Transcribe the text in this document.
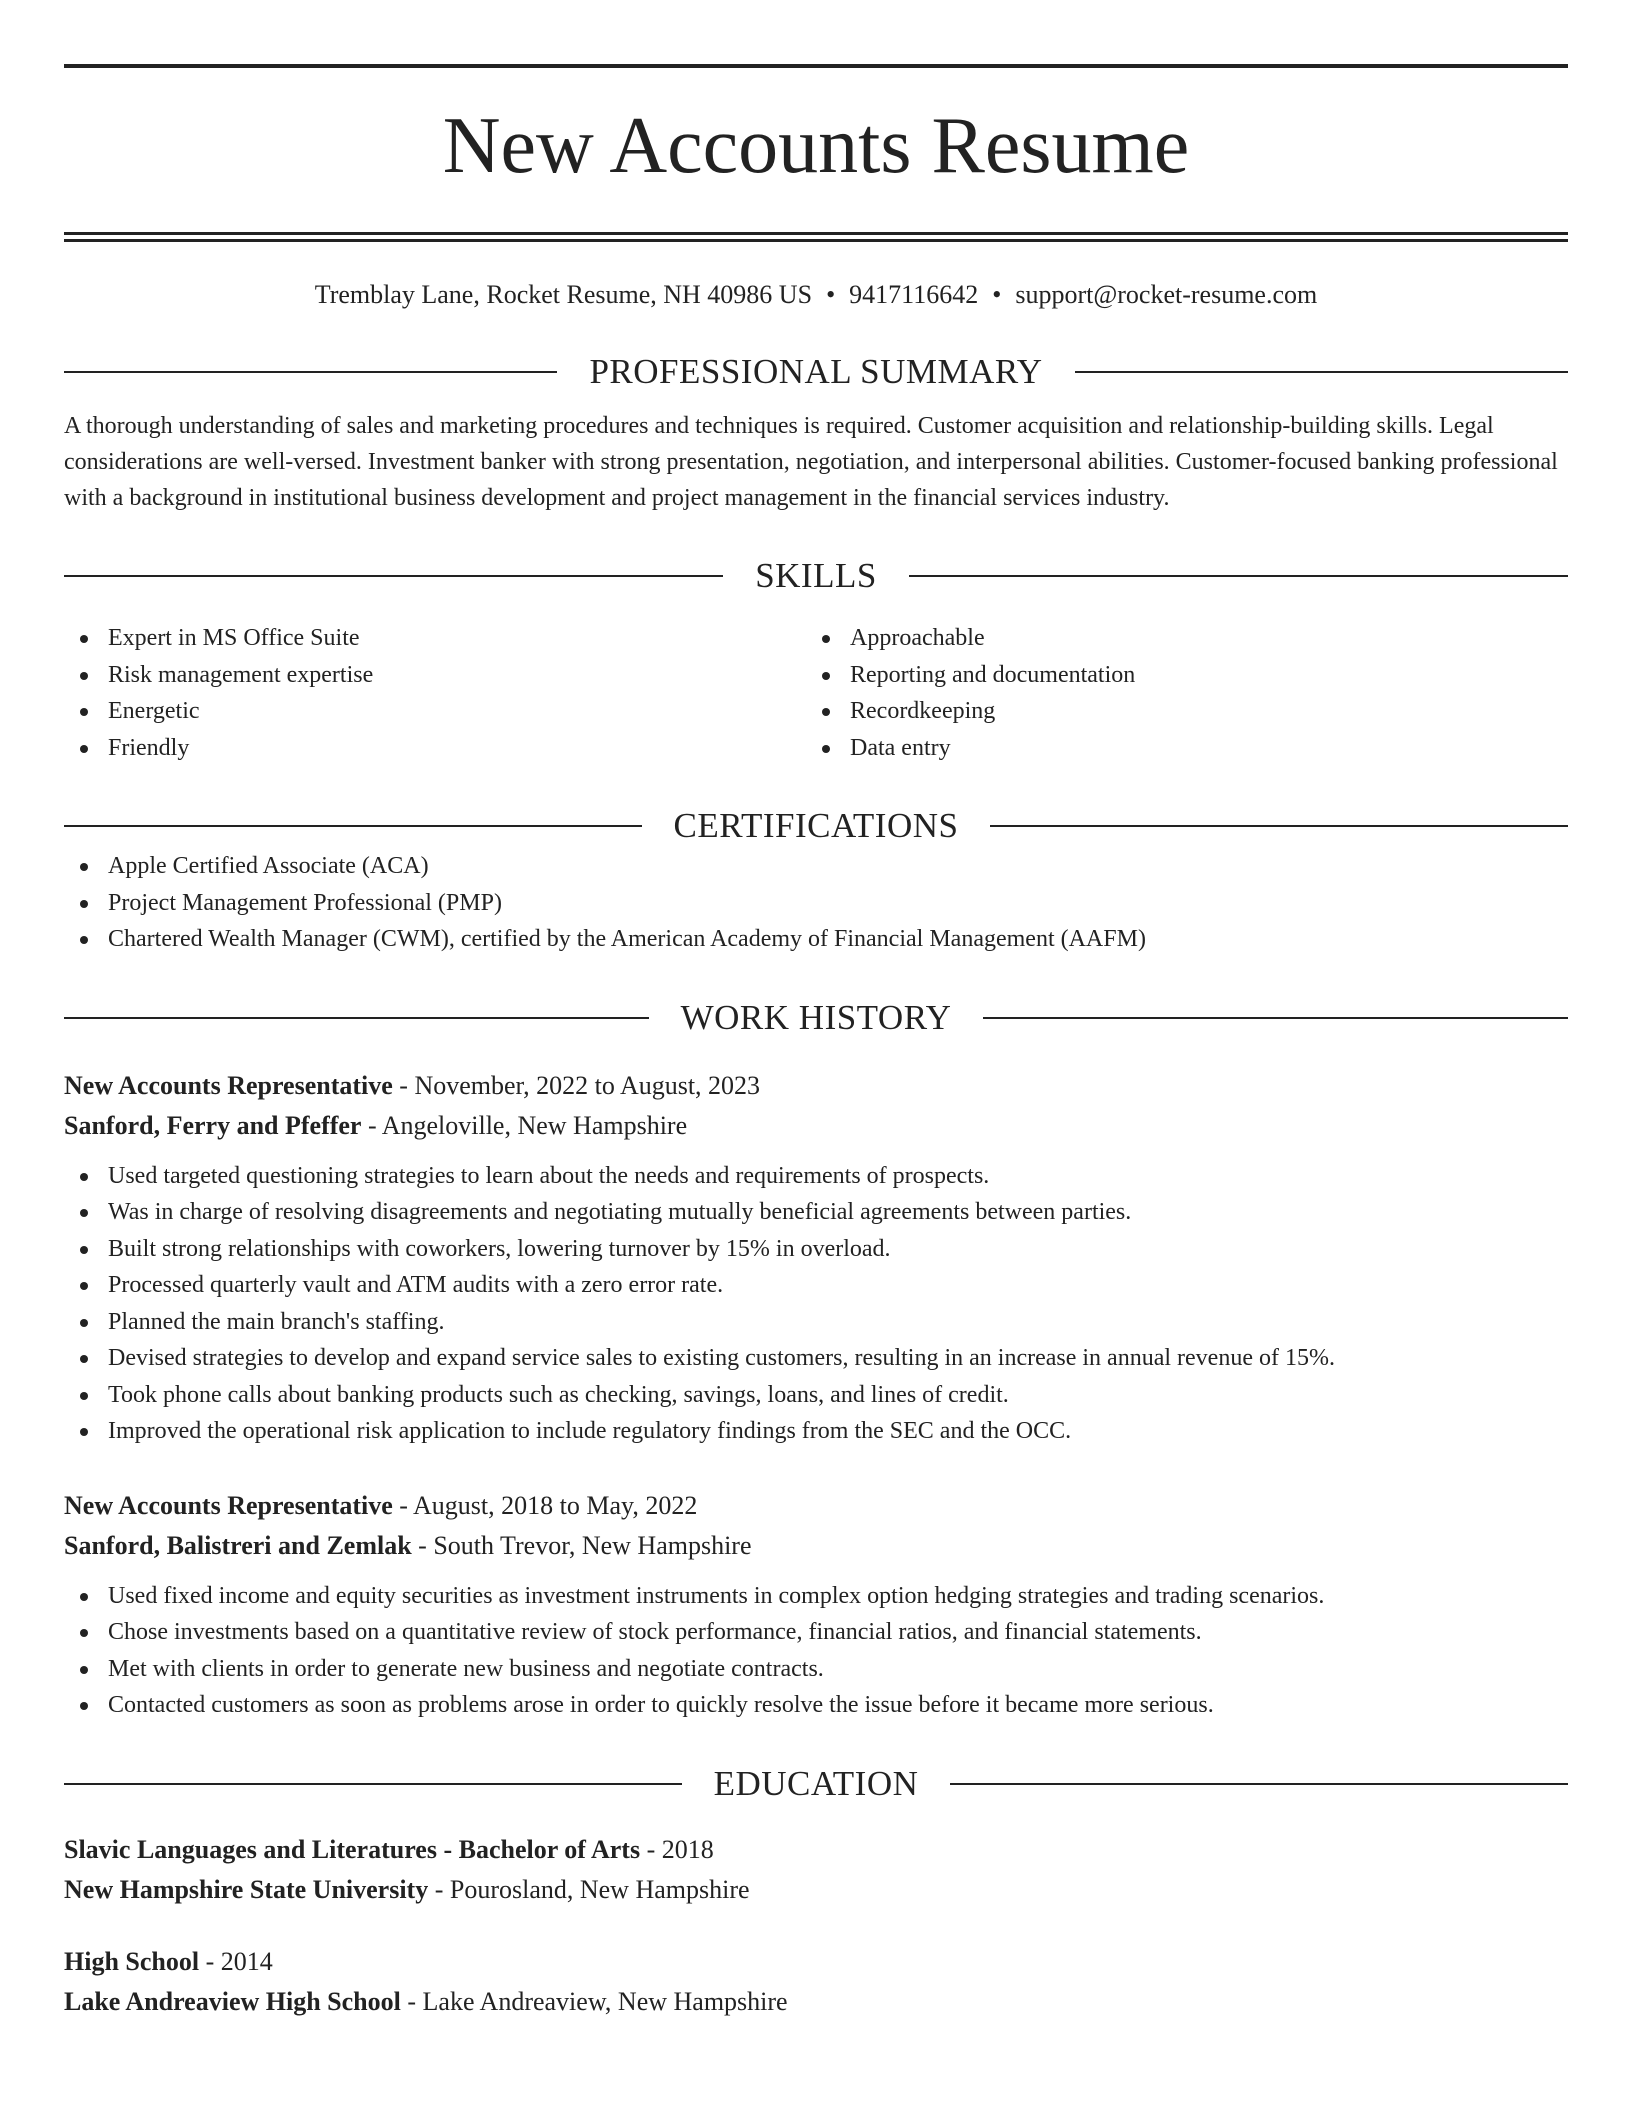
New Accounts Resume
Tremblay Lane, Rocket Resume, NH 40986 US • 9417116642 • support@rocket-resume.com
PROFESSIONAL SUMMARY
A thorough understanding of sales and marketing procedures and techniques is required. Customer acquisition and relationship-building skills. Legal considerations are well-versed. Investment banker with strong presentation, negotiation, and interpersonal abilities. Customer-focused banking professional with a background in institutional business development and project management in the financial services industry.
SKILLS
Expert in MS Office Suite
Risk management expertise
Energetic
Friendly
Approachable
Reporting and documentation
Recordkeeping
Data entry
CERTIFICATIONS
Apple Certified Associate (ACA)
Project Management Professional (PMP)
Chartered Wealth Manager (CWM), certified by the American Academy of Financial Management (AAFM)
WORK HISTORY
New Accounts Representative - November, 2022 to August, 2023
Sanford, Ferry and Pfeffer - Angeloville, New Hampshire
Used targeted questioning strategies to learn about the needs and requirements of prospects.
Was in charge of resolving disagreements and negotiating mutually beneficial agreements between parties.
Built strong relationships with coworkers, lowering turnover by 15% in overload.
Processed quarterly vault and ATM audits with a zero error rate.
Planned the main branch's staffing.
Devised strategies to develop and expand service sales to existing customers, resulting in an increase in annual revenue of 15%.
Took phone calls about banking products such as checking, savings, loans, and lines of credit.
Improved the operational risk application to include regulatory findings from the SEC and the OCC.
New Accounts Representative - August, 2018 to May, 2022
Sanford, Balistreri and Zemlak - South Trevor, New Hampshire
Used fixed income and equity securities as investment instruments in complex option hedging strategies and trading scenarios.
Chose investments based on a quantitative review of stock performance, financial ratios, and financial statements.
Met with clients in order to generate new business and negotiate contracts.
Contacted customers as soon as problems arose in order to quickly resolve the issue before it became more serious.
EDUCATION
Slavic Languages and Literatures - Bachelor of Arts - 2018
New Hampshire State University - Pourosland, New Hampshire
High School - 2014
Lake Andreaview High School - Lake Andreaview, New Hampshire
